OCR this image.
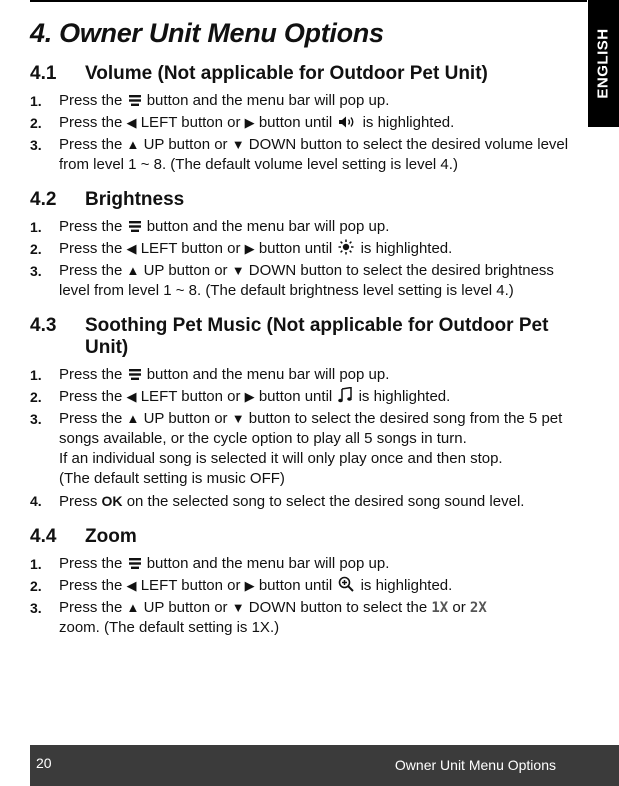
ENGLISH
4. Owner Unit Menu Options
4.1	Volume (Not applicable for Outdoor Pet Unit)
1.	Press the button and the menu bar will pop up.
2.	Press the ◀ LEFT button or ▶ button until is highlighted.
3.	Press the ▲ UP button or ▼ DOWN button to select the desired volume level from level 1 ~ 8. (The default volume level setting is level 4.)
4.2	Brightness
1.	Press the button and the menu bar will pop up.
2.	Press the ◀ LEFT button or ▶ button until is highlighted.
3.	Press the ▲ UP button or ▼ DOWN button to select the desired brightness level from level 1 ~ 8. (The default brightness level setting is level 4.)
4.3	Soothing Pet Music (Not applicable for Outdoor Pet Unit)
1.	Press the button and the menu bar will pop up.
2.	Press the ◀ LEFT button or ▶ button until is highlighted.
3.	Press the ▲ UP button or ▼ button to select the desired song from the 5 pet songs available, or the cycle option to play all 5 songs in turn.
If an individual song is selected it will only play once and then stop.
(The default setting is music OFF)
4.	Press OK on the selected song to select the desired song sound level.
4.4	Zoom
1.	Press the button and the menu bar will pop up.
2.	Press the ◀ LEFT button or ▶ button until is highlighted.
3.	Press the ▲ UP button or ▼ DOWN button to select the 1X or 2X
zoom. (The default setting is 1X.)
20	Owner Unit Menu Options
